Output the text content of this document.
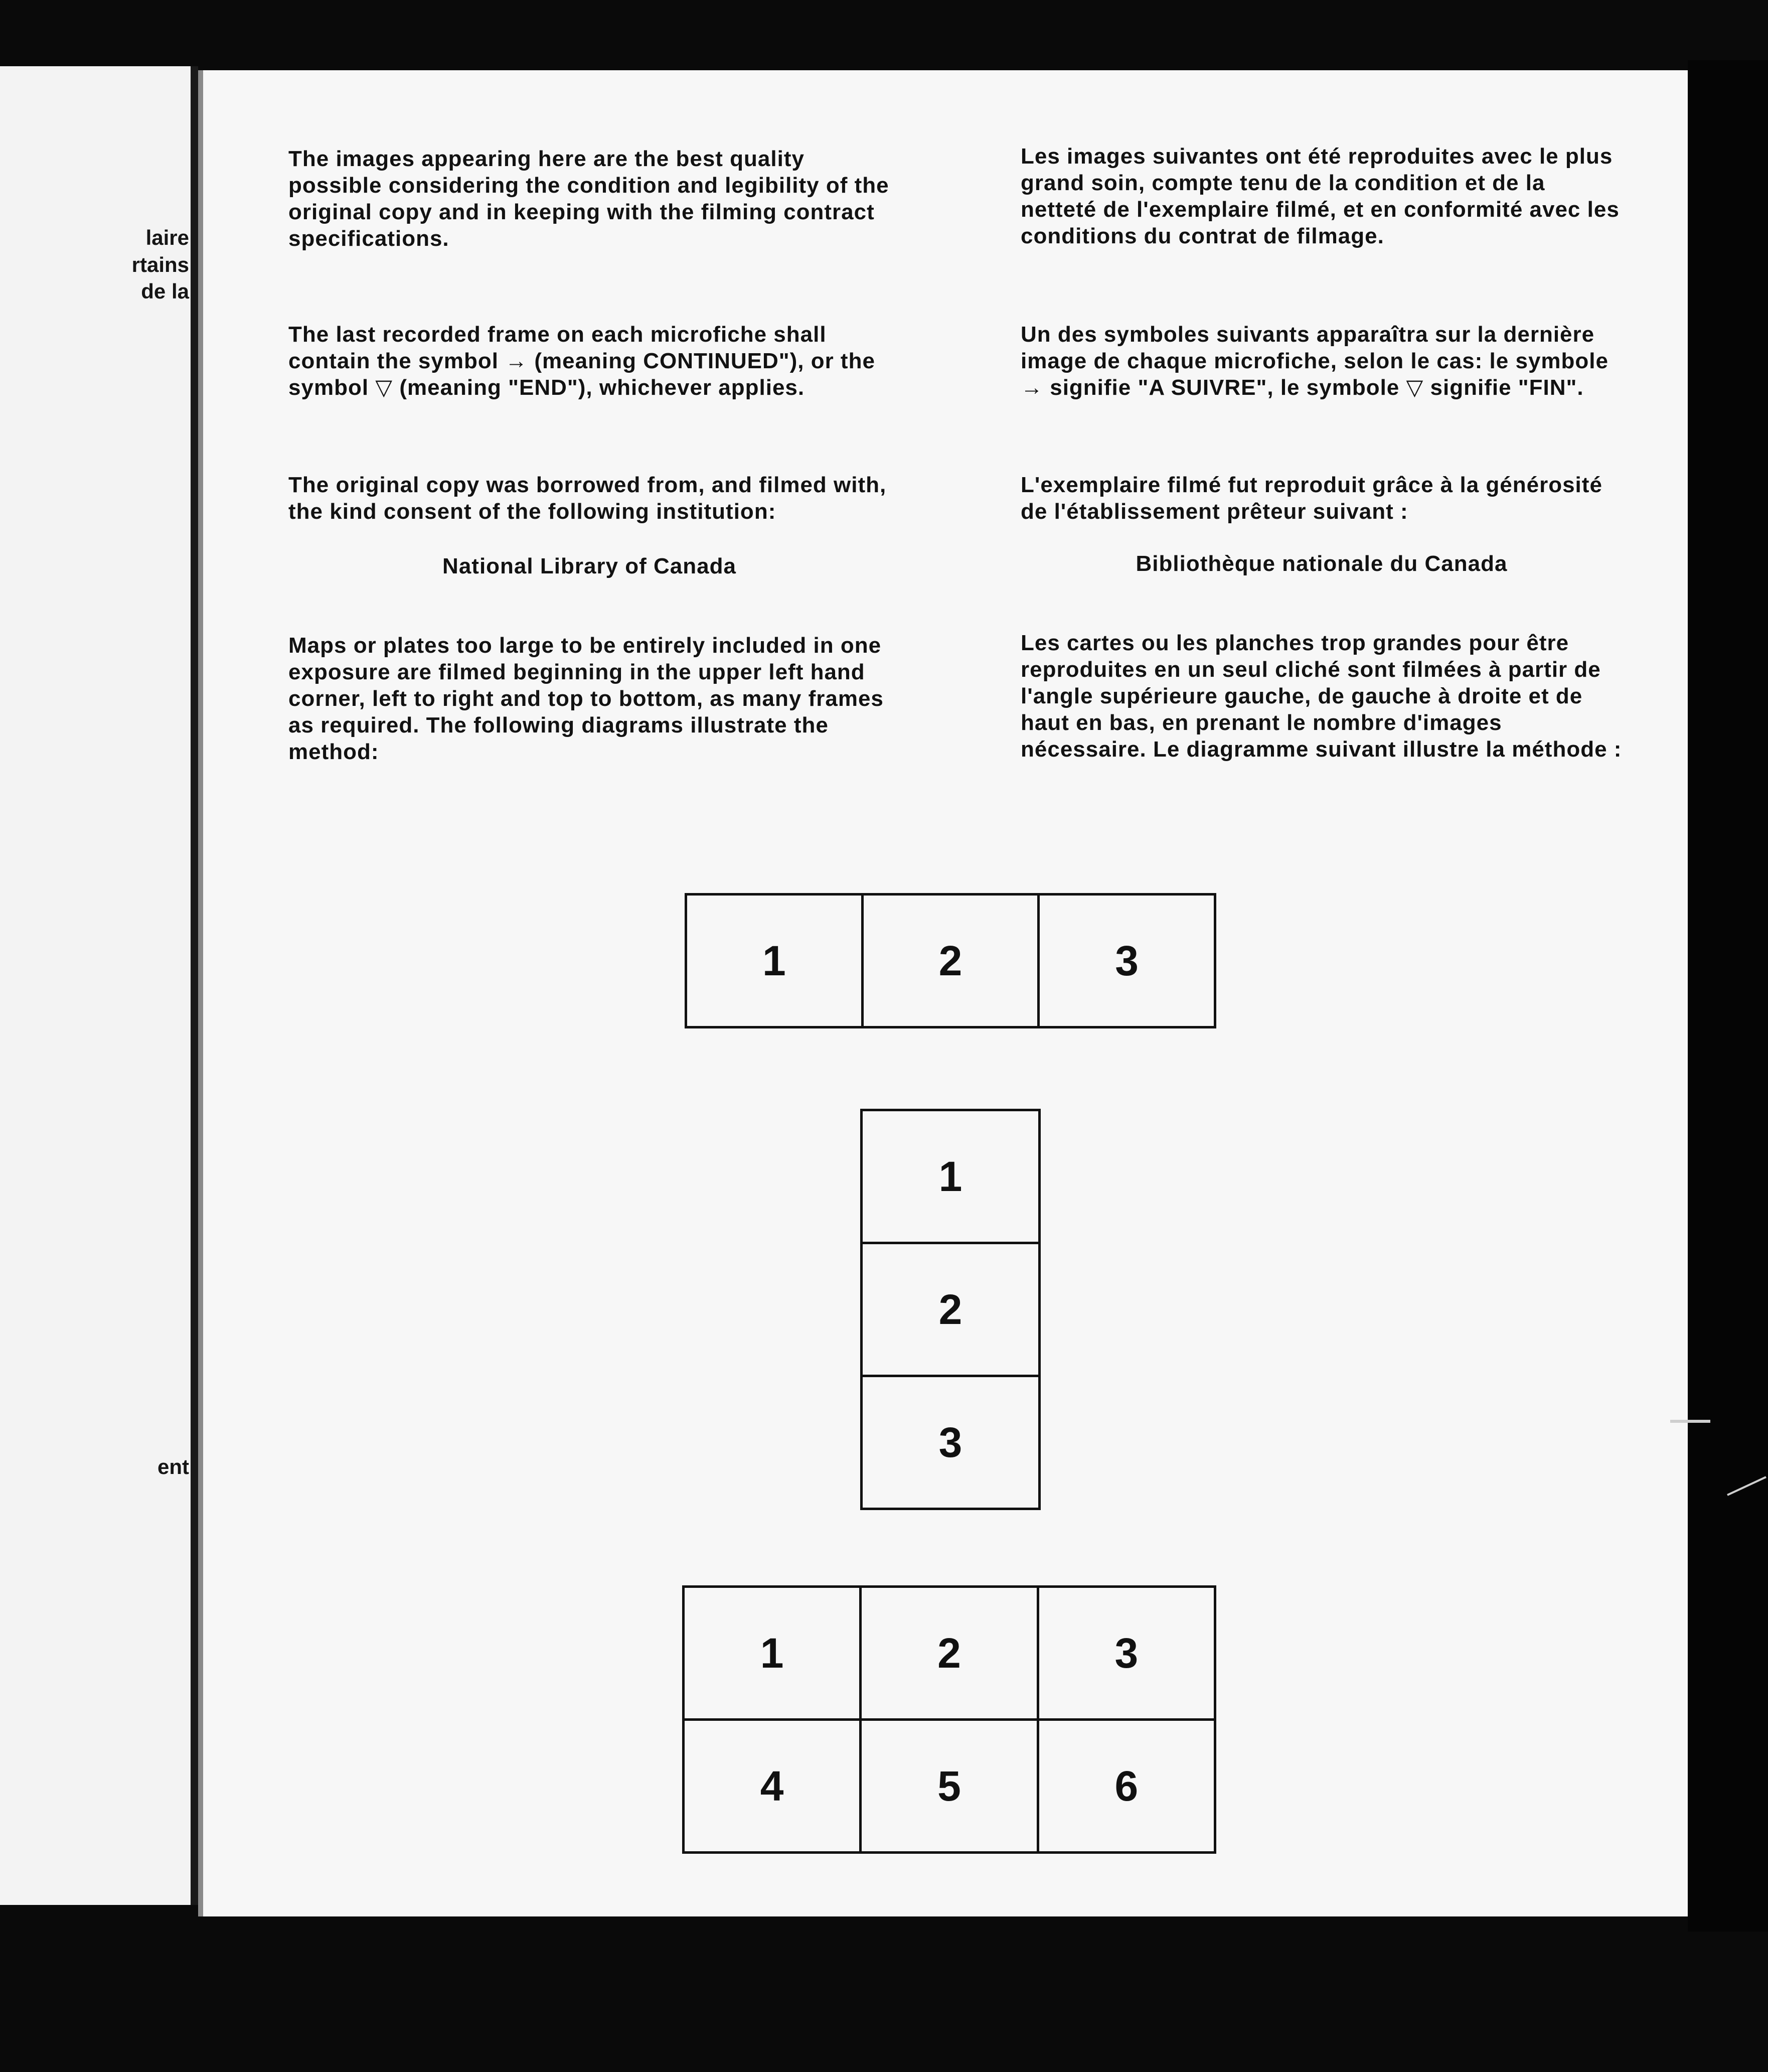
laire
rtains
de la
ent

The images appearing here are the best quality possible considering the condition and legibility of the original copy and in keeping with the filming contract specifications.

The last recorded frame on each microfiche shall contain the symbol → (meaning CONTINUED"), or the symbol ▽ (meaning "END"), whichever applies.

The original copy was borrowed from, and filmed with, the kind consent of the following institution:

National Library of Canada

Maps or plates too large to be entirely included in one exposure are filmed beginning in the upper left hand corner, left to right and top to bottom, as many frames as required. The following diagrams illustrate the method:

Les images suivantes ont été reproduites avec le plus grand soin, compte tenu de la condition et de la netteté de l'exemplaire filmé, et en conformité avec les conditions du contrat de filmage.

Un des symboles suivants apparaîtra sur la dernière image de chaque microfiche, selon le cas: le symbole → signifie "A SUIVRE", le symbole ▽ signifie "FIN".

L'exemplaire filmé fut reproduit grâce à la générosité de l'établissement prêteur suivant :

Bibliothèque nationale du Canada

Les cartes ou les planches trop grandes pour être reproduites en un seul cliché sont filmées à partir de l'angle supérieure gauche, de gauche à droite et de haut en bas, en prenant le nombre d'images nécessaire. Le diagramme suivant illustre la méthode :

1	2	3
1
2
3
1	2	3
4	5	6
